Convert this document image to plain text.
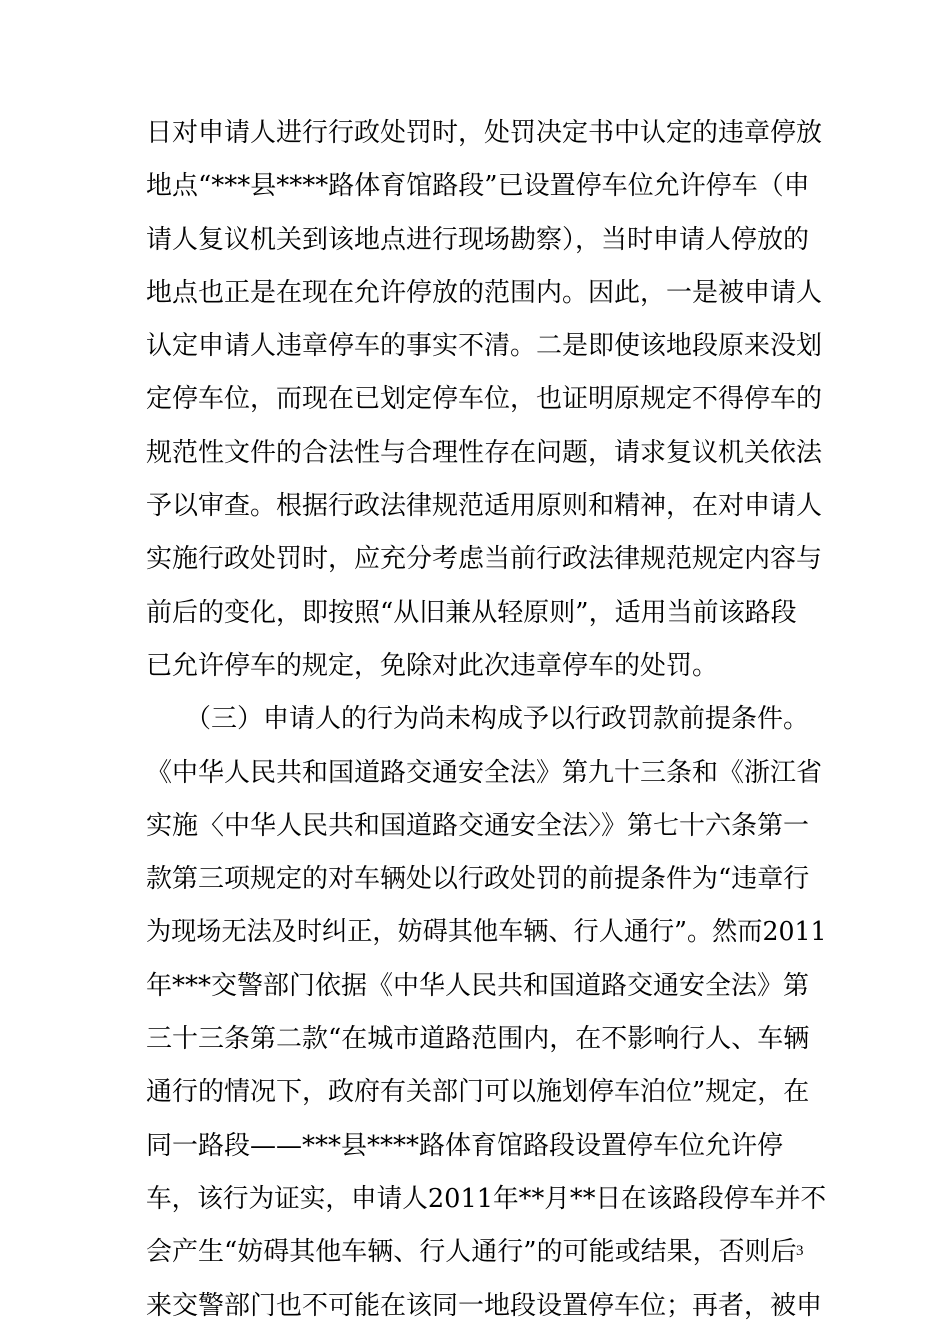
日对申请人进行行政处罚时，处罚决定书中认定的违章停放
地点“***县****路体育馆路段”已设置停车位允许停车（申
请人复议机关到该地点进行现场勘察），当时申请人停放的
地点也正是在现在允许停放的范围内。因此，一是被申请人
认定申请人违章停车的事实不清。二是即使该地段原来没划
定停车位，而现在已划定停车位，也证明原规定不得停车的
规范性文件的合法性与合理性存在问题，请求复议机关依法
予以审查。根据行政法律规范适用原则和精神，在对申请人
实施行政处罚时，应充分考虑当前行政法律规范规定内容与
前后的变化，即按照“从旧兼从轻原则”，适用当前该路段
已允许停车的规定，免除对此次违章停车的处罚。
　　（三）申请人的行为尚未构成予以行政罚款前提条件。
《中华人民共和国道路交通安全法》第九十三条和《浙江省
实施〈中华人民共和国道路交通安全法〉》第七十六条第一
款第三项规定的对车辆处以行政处罚的前提条件为“违章行
为现场无法及时纠正，妨碍其他车辆、行人通行”。然而2011
年***交警部门依据《中华人民共和国道路交通安全法》第
三十三条第二款“在城市道路范围内，在不影响行人、车辆
通行的情况下，政府有关部门可以施划停车泊位”规定，在
同一路段——***县****路体育馆路段设置停车位允许停
车，该行为证实，申请人2011年**月**日在该路段停车并不
会产生“妨碍其他车辆、行人通行”的可能或结果，否则后
来交警部门也不可能在该同一地段设置停车位；再者，被申
3
